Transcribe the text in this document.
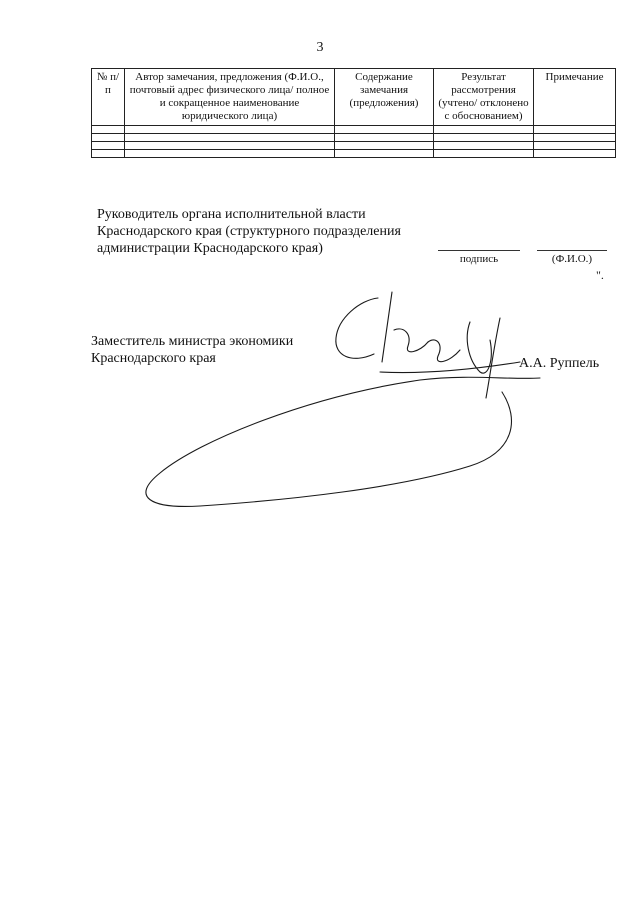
3
№ п/п	Автор замечания, предложения (Ф.И.О., почтовый адрес физического лица/ полное и сокращенное наименование юридического лица)	Содержание замечания (предложения)	Результат рассмотрения (учтено/ отклонено с обоснованием)	Примечание

Руководитель органа исполнительной власти Краснодарского края (структурного подразделения администрации Краснодарского края)
подпись	(Ф.И.О.)
".
Заместитель министра экономики Краснодарского края	А.А. Руппель
